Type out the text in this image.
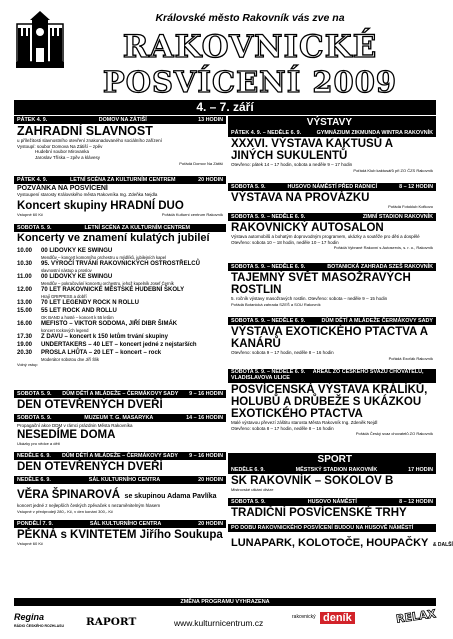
Královské město Rakovník vás zve na
RAKOVNICKÉ
POSVÍCENÍ 2009
4. – 7. září
PÁTEK 4. 9.	DOMOV NA ZÁTIŠÍ	13 HODIN
ZAHRADNÍ SLAVNOST
u příležitosti slavnostního otevření znakonadovaného sociálního zařízení
Vystoupí: soubor Domova Na Zátiší – zpěv
Hudební soubor Mirovanka
Jaroslav Tříska – zpěv a klávesy
Pořádá Domov Na Zátiší
PÁTEK 4. 9.	LETNÍ SCÉNA ZA KULTURNÍM CENTREM	20 HODIN
POZVÁNKA NA POSVÍCENÍ
Vystoupení starosty Královského města Rakovníka Ing. Zdeňka Nejdla
Koncert skupiny HRADNÍ DUO
Vstupné 60 Kč	Pořádá Kulturní centrum Rakovník
SOBOTA 5. 9.	LETNÍ SCÉNA ZA KULTURNÍM CENTREM
Koncerty ve znamení kulatých jubileí
10.00	00 LIDOVKY KE SWINGU
Mendlův – koncert komorního orchestru u mýdlíků, jubilejních kapel
10.30	95. VÝROČÍ TRVÁNÍ RAKOVNICKÝCH OSTROSTŘELCŮ
slavnostní nástup a proslov
11.00	00 LIDOVKY KE SWINGU
Mendlův – pokračování koncertu orchestru, jehož kapelník Josef Černík
12.00	70 LET RAKOVNICKÉ MĚSTSKÉ HUDEBNÍ ŠKOLY
Hrají GRIPPESS a dobří
13.00	70 LET LEGENDY ROCK N ROLLU
15.00	55 LET ROCK AND ROLLU
OK BAND a hosté – koncert k 55 letům
16.00	MEFISTO – VIKTOR SODOMA, JIŘÍ DIBR ŠIMÁK
koncert rockových legend
17.30	Z DAVU – koncert k 150 letům trvání skupiny
19.00	UNDERTAKERS – 40 LET – koncert jedné z nejstarších
20.30	PROSLA LHŮTA – 20 LET – koncert – rock
Moderátor sobotou dne Jiří Šlik
Volný vstup
SOBOTA 5. 9. DŮM DĚTÍ A MLÁDEŽE – ČERMÁKOVY SADY 9 – 16 HODIN
DEN OTEVŘENÝCH DVEŘÍ
SOBOTA 5. 9.	MUZEUM T. G. MASARYKA	14 – 16 HODIN
Propagační akce DDM v rámci prázdnin Města Rakovníka
NESEDÍME DOMA
Ukázky pro vědce a děti
NEDĚLE 6. 9. DŮM DĚTÍ A MLÁDEŽE – ČERMÁKOVY SADY 9 – 16 HODIN
DEN OTEVŘENÝCH DVEŘÍ
NEDĚLE 6. 9.	SÁL KULTURNÍHO CENTRA	20 HODIN
VĚRA ŠPINAROVÁ se skupinou Adama Pavlíka
koncert jedné z nejlepších českých zpěvaček s nezaměnitelným hlasem
Vstupné v předprodeji 280,- Kč, v den konání 300,- Kč
PONDĚLÍ 7. 9.	SÁL KULTURNÍHO CENTRA	20 HODIN
PĚKNÁ s KVINTETEM Jiřího Soukupa
Vstupné 60 Kč
VÝSTAVY
PÁTEK 4. 9. – NEDĚLE 6. 9.	GYMNÁZIUM ZIKMUNDA WINTRA RAKOVNÍK
XXXVI. VÝSTAVA KAKTUSŮ A JINÝCH SUKULENTŮ
Otevřeno: pátek 14 – 17 hodin, sobota a neděle 9 – 17 hodin
Pořádá Klub kaktusářů při ZO ČZS Rakovník
SOBOTA 5. 9.	HUSOVO NÁMĚSTÍ PŘED RADNICÍ	8 – 12 HODIN
VÝSTAVA NA PROVÁZKU
Pořádá Fotoklub Kofkovo
SOBOTA 5. 9. – NEDĚLE 6. 9.	ZIMNÍ STADION RAKOVNÍK
RAKOVNICKÝ AUTOSALON
Výstava automobilů a bohatým doprovodným programem, ukázky a soutěže pro děti a dospělé
Otevřeno: sobota 10 – 18 hodin, neděle 10 – 17 hodin
Pořádá Vybrané Rakovní s Autoservis, s. r. o., Rakovník
SOBOTA 5. 9. – NEDĚLE 6. 9.	BOTANICKÁ ZAHRADA SZEŠ RAKOVNÍK
TAJEMNÝ SVĚT MASOŽRAVÝCH ROSTLIN
5. ročník výstavy masožravých rostlin. Otevřeno: sobota – neděle 9 – 15 hodin
Pořádá Botanická zahrada SZEŠ a SOU Rakovník
SOBOTA 5. 9. – NEDĚLE 6. 9.	DŮM DĚTÍ A MLÁDEŽE ČERMÁKOVY SADY
VÝSTAVA EXOTICKÉHO PTACTVA A KANÁRŮ
Otevřeno: sobota 9 – 17 hodin, neděle 8 – 16 hodin
Pořádá Exoťák Rakovník
SOBOTA 5. 9. – NEDĚLE 6. 9. AREÁL ZO ČESKÉHO SVAZU CHOVATELŮ, VLADISLAVOVA ULICE
POSVÍCENSKÁ VÝSTAVA KRÁLÍKŮ, HOLUBŮ A DRŮBEŽE S UKÁZKOU EXOTICKÉHO PTACTVA
Malé výstavou převezí záštitu starosta Města Rakovník Ing. Zdeněk Nejdl
Otevřeno: sobota 8 – 17 hodin, neděle 8 – 16 hodin
Pořádá Český svaz chovatelů ZO Rakovník
SPORT
NEDĚLE 6. 9.	MĚSTSKÝ STADION RAKOVNÍK	17 HODIN
SK RAKOVNÍK – SOKOLOV B
Mistrovské utkání divize
SOBOTA 5. 9.	HUSOVO NÁMĚSTÍ	8 – 12 HODIN
TRADIČNÍ POSVÍCENSKÉ TRHY
PO DOBU RAKOVNICKÉHO POSVÍCENÍ BUDOU NA HUSOVĚ NÁMĚSTÍ
LUNAPARK, KOLOTOČE, HOUPAČKY & DALŠÍ
ZMĚNA PROGRAMU VYHRAZENA
Regina
RÁDIO ČESKÉHO ROZHLASU RAPORT	www.kulturnicentrum.cz
rakovnický deník	RELAX
